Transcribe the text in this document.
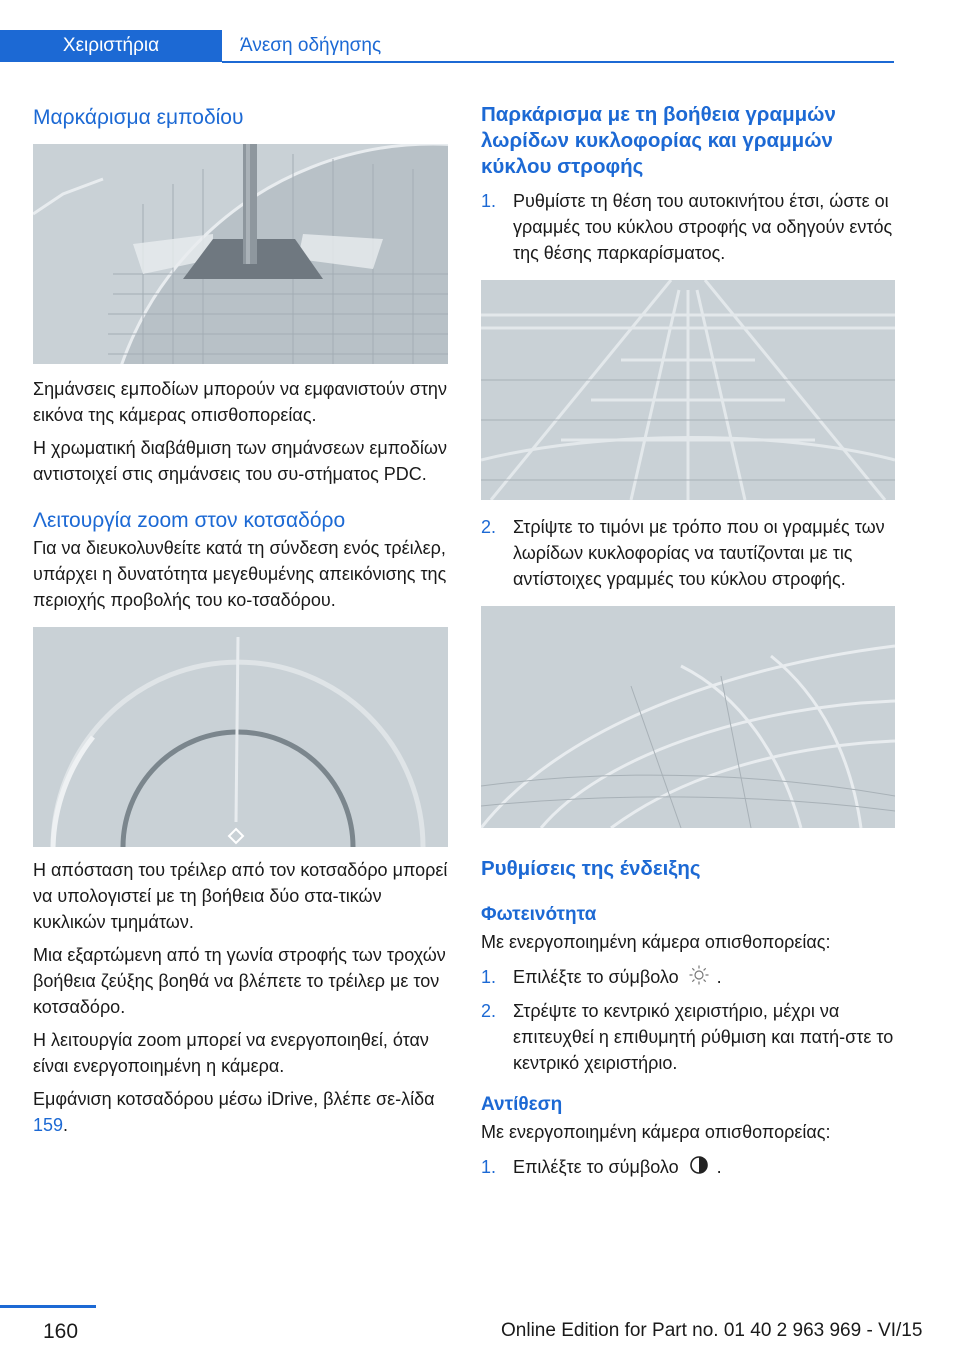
Χειριστήρια	Άνεση οδήγησης
Μαρκάρισμα εμποδίου

Σημάνσεις εμποδίων μπορούν να εμφανιστούν στην εικόνα της κάμερας οπισθοπορείας.

Η χρωματική διαβάθμιση των σημάνσεων εμποδίων αντιστοιχεί στις σημάνσεις του συ-στήματος PDC.

Λειτουργία zoom στον κοτσαδόρο

Για να διευκολυνθείτε κατά τη σύνδεση ενός τρέιλερ, υπάρχει η δυνατότητα μεγεθυμένης απεικόνισης της περιοχής προβολής του κο-τσαδόρου.

Η απόσταση του τρέιλερ από τον κοτσαδόρο μπορεί να υπολογιστεί με τη βοήθεια δύο στα-τικών κυκλικών τμημάτων.

Μια εξαρτώμενη από τη γωνία στροφής των τροχών βοήθεια ζεύξης βοηθά να βλέπετε το τρέιλερ με τον κοτσαδόρο.

Η λειτουργία zoom μπορεί να ενεργοποιηθεί, όταν είναι ενεργοποιημένη η κάμερα.

Εμφάνιση κοτσαδόρου μέσω iDrive, βλέπε σε-λίδα 159.

Παρκάρισμα με τη βοήθεια γραμμών λωρίδων κυκλοφορίας και γραμμών κύκλου στροφής
1. Ρυθμίστε τη θέση του αυτοκινήτου έτσι, ώστε οι γραμμές του κύκλου στροφής να οδηγούν εντός της θέσης παρκαρίσματος.
2. Στρίψτε το τιμόνι με τρόπο που οι γραμμές των λωρίδων κυκλοφορίας να ταυτίζονται με τις αντίστοιχες γραμμές του κύκλου στροφής.
Ρυθμίσεις της ένδειξης
Φωτεινότητα

Με ενεργοποιημένη κάμερα οπισθοπορείας:

1. Επιλέξτε το σύμβολο .
2. Στρέψτε το κεντρικό χειριστήριο, μέχρι να επιτευχθεί η επιθυμητή ρύθμιση και πατή-στε το κεντρικό χειριστήριο.
Αντίθεση

Με ενεργοποιημένη κάμερα οπισθοπορείας:

1. Επιλέξτε το σύμβολο .
160	Online Edition for Part no. 01 40 2 963 969 - VI/15
